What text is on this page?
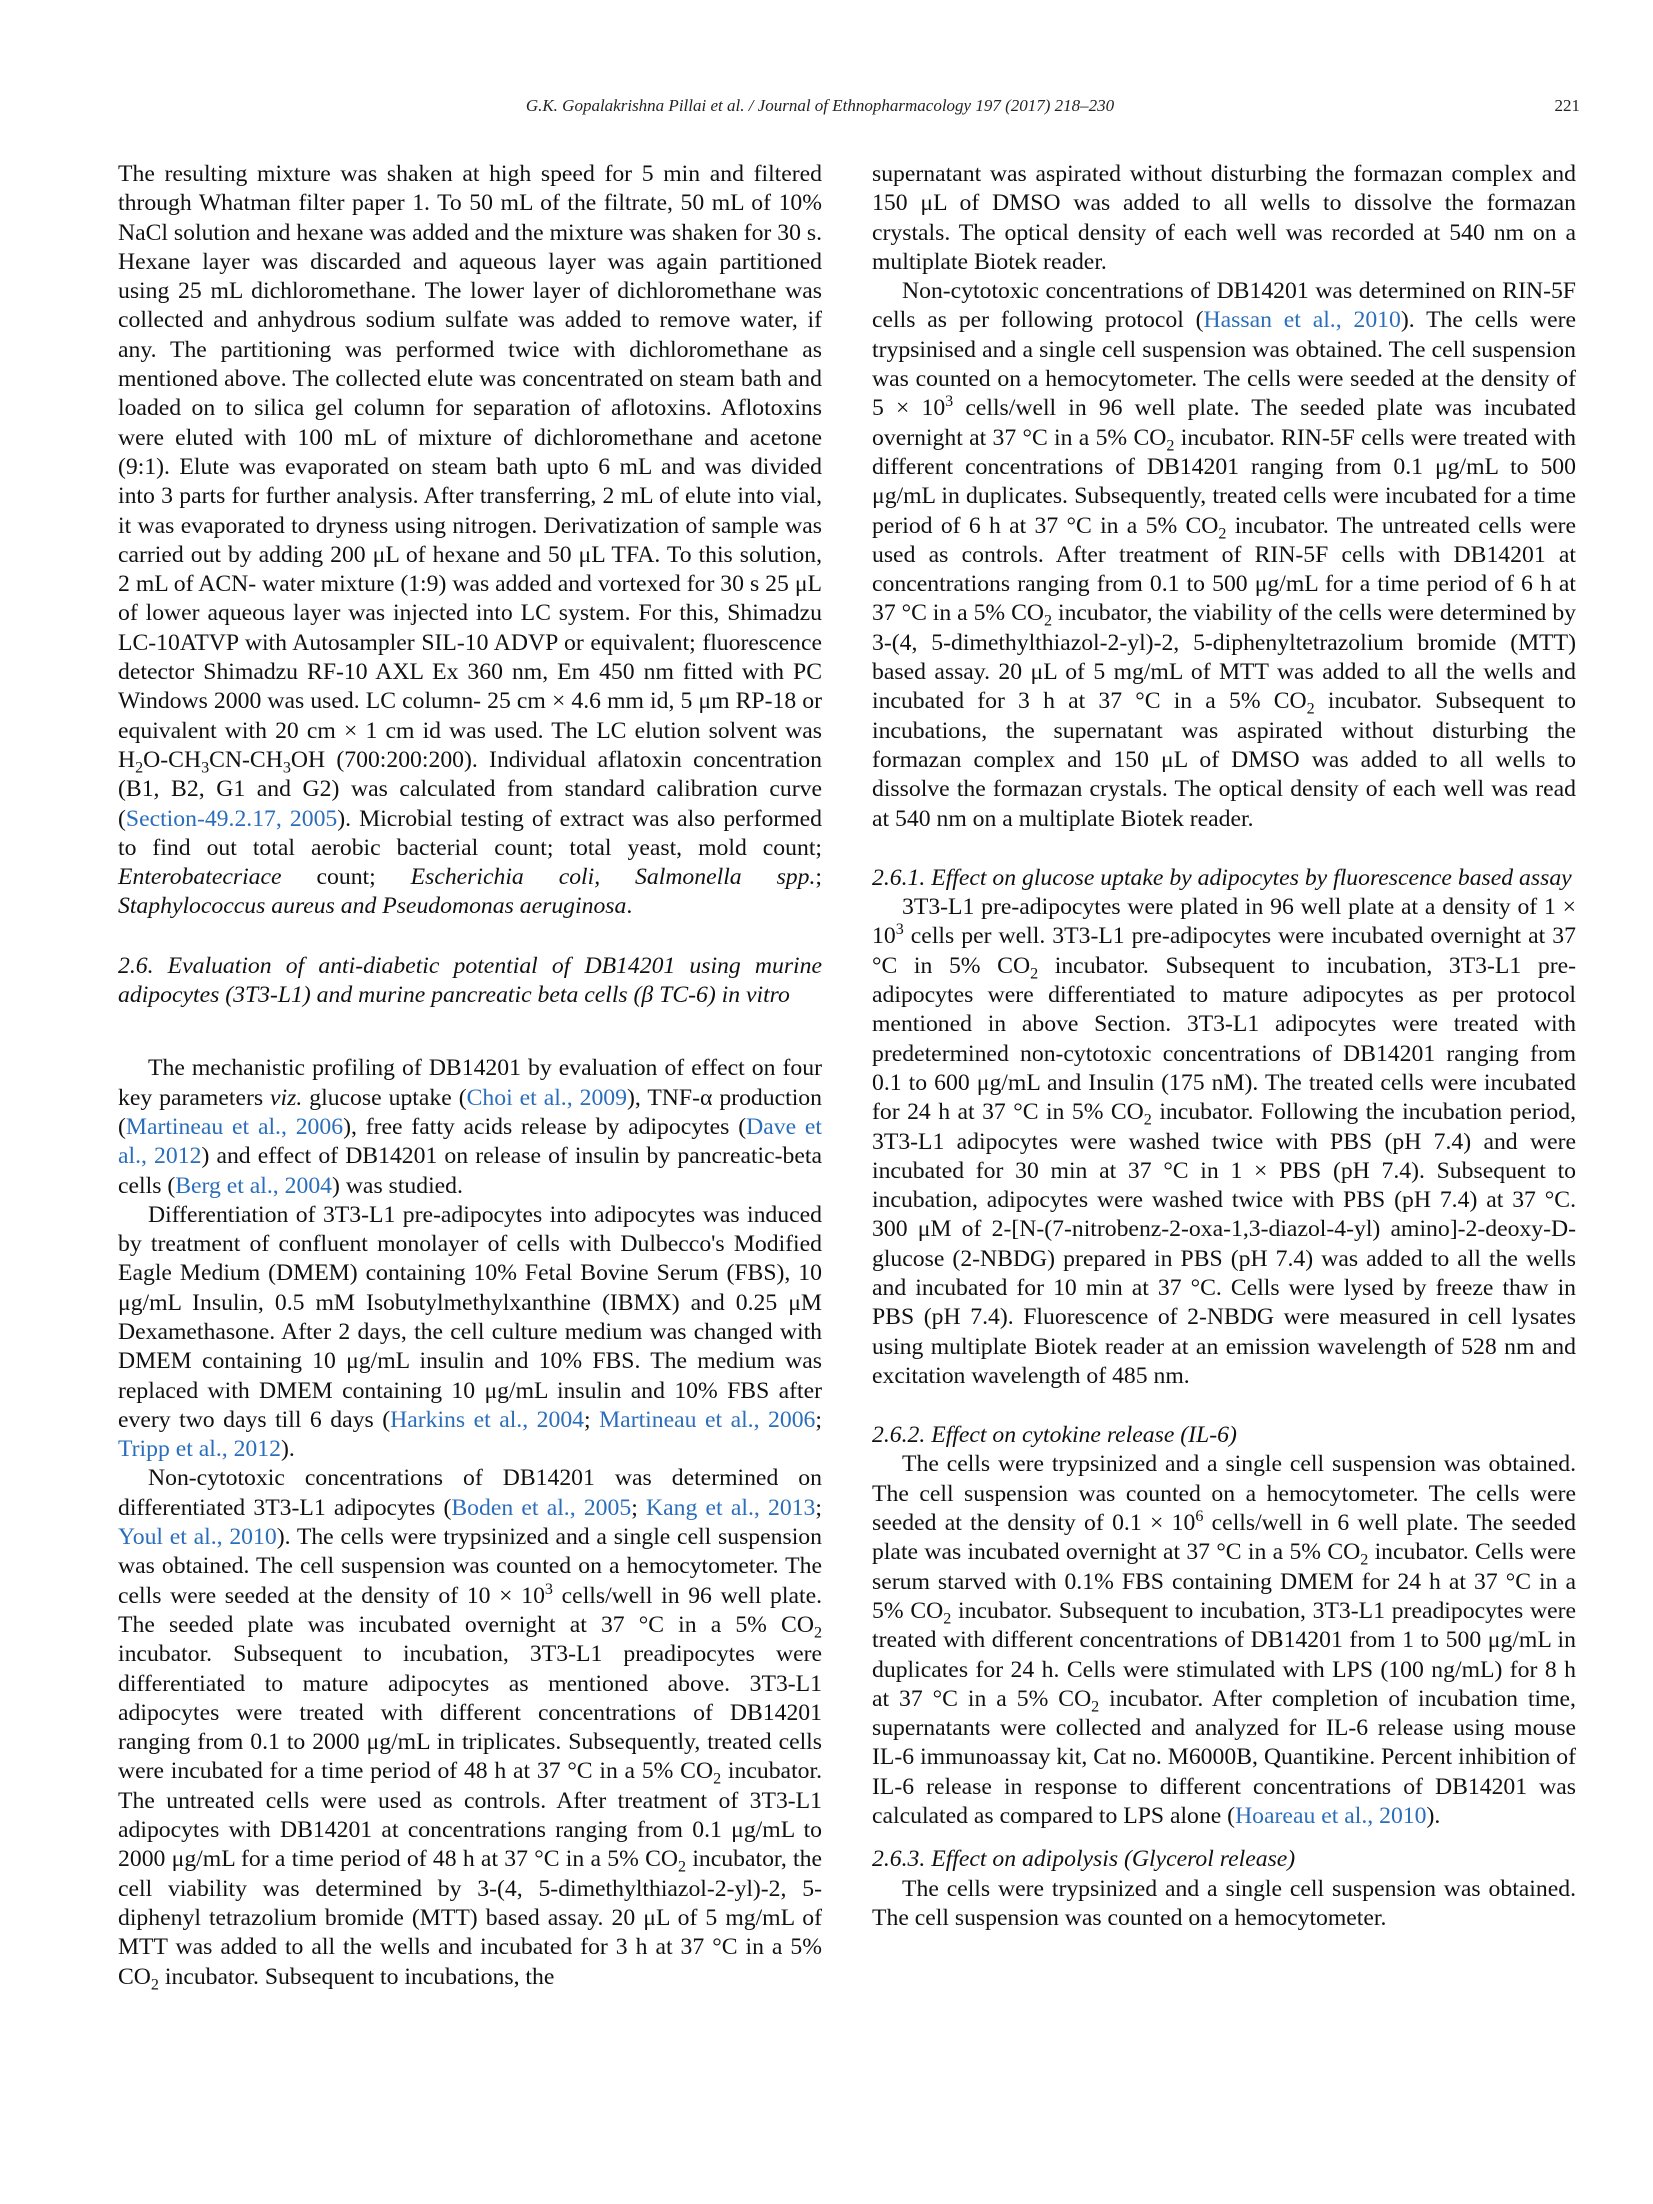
G.K. Gopalakrishna Pillai et al. / Journal of Ethnopharmacology 197 (2017) 218–230	221

The resulting mixture was shaken at high speed for 5 min and filtered through Whatman filter paper 1. To 50 mL of the filtrate, 50 mL of 10% NaCl solution and hexane was added and the mixture was shaken for 30 s. Hexane layer was discarded and aqueous layer was again partitioned using 25 mL dichloromethane. The lower layer of dichloromethane was collected and anhydrous sodium sulfate was added to remove water, if any. The partitioning was performed twice with dichloromethane as mentioned above. The collected elute was concentrated on steam bath and loaded on to silica gel column for separation of aflotoxins. Aflotoxins were eluted with 100 mL of mixture of dichloromethane and acetone (9:1). Elute was evaporated on steam bath upto 6 mL and was divided into 3 parts for further analysis. After transferring, 2 mL of elute into vial, it was evaporated to dryness using nitrogen. Derivatization of sample was carried out by adding 200 μL of hexane and 50 μL TFA. To this solution, 2 mL of ACN- water mixture (1:9) was added and vortexed for 30 s 25 μL of lower aqueous layer was injected into LC system. For this, Shimadzu LC-10ATVP with Autosampler SIL-10 ADVP or equivalent; fluorescence detector Shimadzu RF-10 AXL Ex 360 nm, Em 450 nm fitted with PC Windows 2000 was used. LC column- 25 cm × 4.6 mm id, 5 μm RP-18 or equivalent with 20 cm × 1 cm id was used. The LC elution solvent was $H_2O-CH_3CN-CH_3OH$ (700:200:200). Individual aflatoxin concentration (B1, B2, G1 and G2) was calculated from standard calibration curve (Section-49.2.17, 2005). Microbial testing of extract was also performed to find out total aerobic bacterial count; total yeast, mold count; Enterobatecriace count; Escherichia coli, Salmonella spp.; Staphylococcus aureus and Pseudomonas aeruginosa.

2.6. Evaluation of anti-diabetic potential of DB14201 using murine adipocytes (3T3-L1) and murine pancreatic beta cells (β TC-6) in vitro

The mechanistic profiling of DB14201 by evaluation of effect on four key parameters viz. glucose uptake (Choi et al., 2009), TNF-α production (Martineau et al., 2006), free fatty acids release by adipocytes (Dave et al., 2012) and effect of DB14201 on release of insulin by pancreatic-beta cells (Berg et al., 2004) was studied.

Differentiation of 3T3-L1 pre-adipocytes into adipocytes was induced by treatment of confluent monolayer of cells with Dulbecco's Modified Eagle Medium (DMEM) containing 10% Fetal Bovine Serum (FBS), 10 μg/mL Insulin, 0.5 mM Isobutylmethylxanthine (IBMX) and 0.25 μM Dexamethasone. After 2 days, the cell culture medium was changed with DMEM containing 10 μg/mL insulin and 10% FBS. The medium was replaced with DMEM containing 10 μg/mL insulin and 10% FBS after every two days till 6 days (Harkins et al., 2004; Martineau et al., 2006; Tripp et al., 2012).

Non-cytotoxic concentrations of DB14201 was determined on differentiated 3T3-L1 adipocytes (Boden et al., 2005; Kang et al., 2013; Youl et al., 2010). The cells were trypsinized and a single cell suspension was obtained. The cell suspension was counted on a hemocytometer. The cells were seeded at the density of $10 \times 10^3$ cells/well in 96 well plate. The seeded plate was incubated overnight at 37 °C in a 5% $CO_2$ incubator. Subsequent to incubation, 3T3-L1 preadipocytes were differentiated to mature adipocytes as mentioned above. 3T3-L1 adipocytes were treated with different concentrations of DB14201 ranging from 0.1 to 2000 μg/mL in triplicates. Subsequently, treated cells were incubated for a time period of 48 h at 37 °C in a 5% $CO_2$ incubator. The untreated cells were used as controls. After treatment of 3T3-L1 adipocytes with DB14201 at concentrations ranging from 0.1 μg/mL to 2000 μg/mL for a time period of 48 h at 37 °C in a 5% $CO_2$ incubator, the cell viability was determined by 3-(4, 5-dimethylthiazol-2-yl)-2, 5-diphenyl tetrazolium bromide (MTT) based assay. 20 μL of 5 mg/mL of MTT was added to all the wells and incubated for 3 h at 37 °C in a 5% $CO_2$ incubator. Subsequent to incubations, the

supernatant was aspirated without disturbing the formazan complex and 150 μL of DMSO was added to all wells to dissolve the formazan crystals. The optical density of each well was recorded at 540 nm on a multiplate Biotek reader.

Non-cytotoxic concentrations of DB14201 was determined on RIN-5F cells as per following protocol (Hassan et al., 2010). The cells were trypsinised and a single cell suspension was obtained. The cell suspension was counted on a hemocytometer. The cells were seeded at the density of $5 \times 10^3$ cells/well in 96 well plate. The seeded plate was incubated overnight at 37 °C in a 5% $CO_2$ incubator. RIN-5F cells were treated with different concentrations of DB14201 ranging from 0.1 μg/mL to 500 μg/mL in duplicates. Subsequently, treated cells were incubated for a time period of 6 h at 37 °C in a 5% $CO_2$ incubator. The untreated cells were used as controls. After treatment of RIN-5F cells with DB14201 at concentrations ranging from 0.1 to 500 μg/mL for a time period of 6 h at 37 °C in a 5% $CO_2$ incubator, the viability of the cells were determined by 3-(4, 5-dimethylthiazol-2-yl)-2, 5-diphenyltetrazolium bromide (MTT) based assay. 20 μL of 5 mg/mL of MTT was added to all the wells and incubated for 3 h at 37 °C in a 5% $CO_2$ incubator. Subsequent to incubations, the supernatant was aspirated without disturbing the formazan complex and 150 μL of DMSO was added to all wells to dissolve the formazan crystals. The optical density of each well was read at 540 nm on a multiplate Biotek reader.

2.6.1. Effect on glucose uptake by adipocytes by fluorescence based assay

3T3-L1 pre-adipocytes were plated in 96 well plate at a density of $1 \times 10^3$ cells per well. 3T3-L1 pre-adipocytes were incubated overnight at 37 °C in 5% $CO_2$ incubator. Subsequent to incubation, 3T3-L1 pre-adipocytes were differentiated to mature adipocytes as per protocol mentioned in above Section. 3T3-L1 adipocytes were treated with predetermined non-cytotoxic concentrations of DB14201 ranging from 0.1 to 600 μg/mL and Insulin (175 nM). The treated cells were incubated for 24 h at 37 °C in 5% $CO_2$ incubator. Following the incubation period, 3T3-L1 adipocytes were washed twice with PBS (pH 7.4) and were incubated for 30 min at 37 °C in 1 × PBS (pH 7.4). Subsequent to incubation, adipocytes were washed twice with PBS (pH 7.4) at 37 °C. 300 μM of 2-[N-(7-nitrobenz-2-oxa-1,3-diazol-4-yl) amino]-2-deoxy-D-glucose (2-NBDG) prepared in PBS (pH 7.4) was added to all the wells and incubated for 10 min at 37 °C. Cells were lysed by freeze thaw in PBS (pH 7.4). Fluorescence of 2-NBDG were measured in cell lysates using multiplate Biotek reader at an emission wavelength of 528 nm and excitation wavelength of 485 nm.

2.6.2. Effect on cytokine release (IL-6)

The cells were trypsinized and a single cell suspension was obtained. The cell suspension was counted on a hemocytometer. The cells were seeded at the density of $0.1 \times 10^6$ cells/well in 6 well plate. The seeded plate was incubated overnight at 37 °C in a 5% $CO_2$ incubator. Cells were serum starved with 0.1% FBS containing DMEM for 24 h at 37 °C in a 5% $CO_2$ incubator. Subsequent to incubation, 3T3-L1 preadipocytes were treated with different concentrations of DB14201 from 1 to 500 μg/mL in duplicates for 24 h. Cells were stimulated with LPS (100 ng/mL) for 8 h at 37 °C in a 5% $CO_2$ incubator. After completion of incubation time, supernatants were collected and analyzed for IL-6 release using mouse IL-6 immunoassay kit, Cat no. M6000B, Quantikine. Percent inhibition of IL-6 release in response to different concentrations of DB14201 was calculated as compared to LPS alone (Hoareau et al., 2010).

2.6.3. Effect on adipolysis (Glycerol release)

The cells were trypsinized and a single cell suspension was obtained. The cell suspension was counted on a hemocytometer.
